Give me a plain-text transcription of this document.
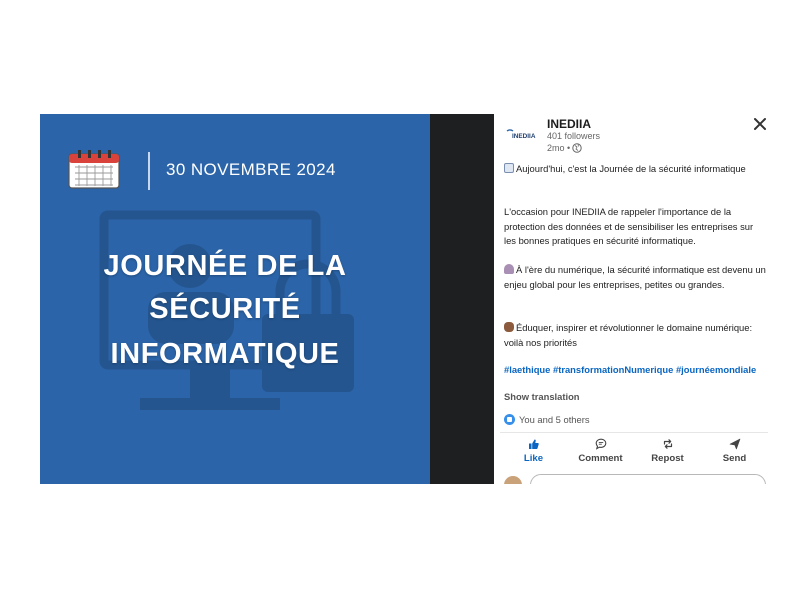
30 NOVEMBRE 2024
JOURNÉE DE LA
SÉCURITÉ
INFORMATIQUE
INEDIIA
INEDIIA
401 followers
2mo •
Aujourd'hui, c'est la Journée de la sécurité informatique
L'occasion pour INEDIIA de rappeler l'importance de la protection des données et de sensibiliser les entreprises sur les bonnes pratiques en sécurité informatique.
À l'ère du numérique, la sécurité informatique est devenu un enjeu global pour les entreprises, petites ou grandes.
Éduquer, inspirer et révolutionner le domaine numérique: voilà nos priorités
#laethique #transformationNumerique #journéemondiale
Show translation
You and 5 others
Like	Comment	Repost	Send
